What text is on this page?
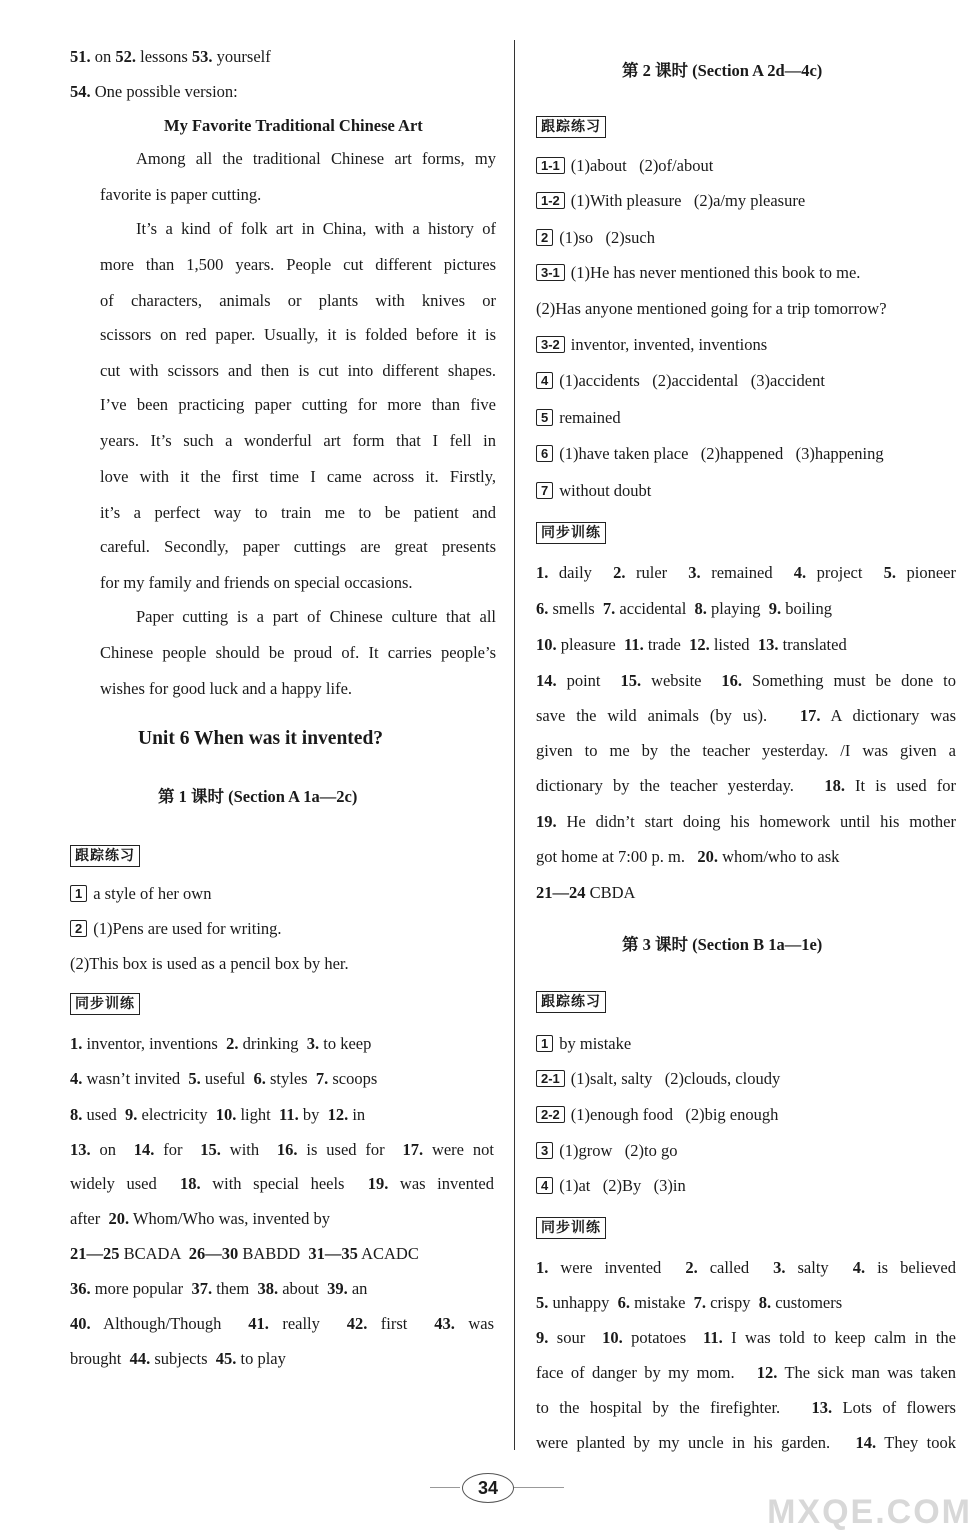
51. on 52. lessons 53. yourself
54. One possible version:
My Favorite Traditional Chinese Art
Among all the traditional Chinese art forms, my
favorite is paper cutting.
It’s a kind of folk art in China, with a history of
more than 1,500 years. People cut different pictures
of characters, animals or plants with knives or
scissors on red paper. Usually, it is folded before it is
cut with scissors and then is cut into different shapes.
I’ve been practicing paper cutting for more than five
years. It’s such a wonderful art form that I fell in
love with it the first time I came across it. Firstly,
it’s a perfect way to train me to be patient and
careful. Secondly, paper cuttings are great presents
for my family and friends on special occasions.
Paper cutting is a part of Chinese culture that all
Chinese people should be proud of. It carries people’s
wishes for good luck and a happy life.
Unit 6 When was it invented?
第 1 课时 (Section A 1a—2c)
跟踪练习
1 a style of her own
2 (1)Pens are used for writing.
(2)This box is used as a pencil box by her.
同步训练
1. inventor, inventions  2. drinking  3. to keep
4. wasn’t invited  5. useful  6. styles  7. scoops
8. used  9. electricity  10. light  11. by  12. in
13. on  14. for  15. with  16. is used for  17. were not
widely used  18. with special heels  19. was invented
after  20. Whom/Who was, invented by
21—25 BCADA  26—30 BABDD  31—35 ACADC
36. more popular  37. them  38. about  39. an
40. Although/Though  41. really  42. first  43. was
brought  44. subjects  45. to play
第 2 课时 (Section A 2d—4c)
跟踪练习
1-1 (1)about   (2)of/about
1-2 (1)With pleasure   (2)a/my pleasure
2 (1)so   (2)such
3-1 (1)He has never mentioned this book to me.
(2)Has anyone mentioned going for a trip tomorrow?
3-2 inventor, invented, inventions
4 (1)accidents   (2)accidental   (3)accident
5 remained
6 (1)have taken place   (2)happened   (3)happening
7 without doubt
同步训练
1. daily  2. ruler  3. remained  4. project  5. pioneer
6. smells  7. accidental  8. playing  9. boiling
10. pleasure  11. trade  12. listed  13. translated
14. point  15. website  16. Something must be done to
save the wild animals (by us).   17. A dictionary was
given to me by the teacher yesterday. /I was given a
dictionary by the teacher yesterday.   18. It is used for
19. He didn’t start doing his homework until his mother
got home at 7:00 p. m.   20. whom/who to ask
21—24 CBDA
第 3 课时 (Section B 1a—1e)
跟踪练习
1 by mistake
2-1 (1)salt, salty   (2)clouds, cloudy
2-2 (1)enough food   (2)big enough
3 (1)grow   (2)to go
4 (1)at   (2)By   (3)in
同步训练
1. were invented  2. called  3. salty  4. is believed
5. unhappy  6. mistake  7. crispy  8. customers
9. sour  10. potatoes  11. I was told to keep calm in the
face of danger by my mom.   12. The sick man was taken
to the hospital by the firefighter.   13. Lots of flowers
were planted by my uncle in his garden.   14. They took
34
MXQE.COM
